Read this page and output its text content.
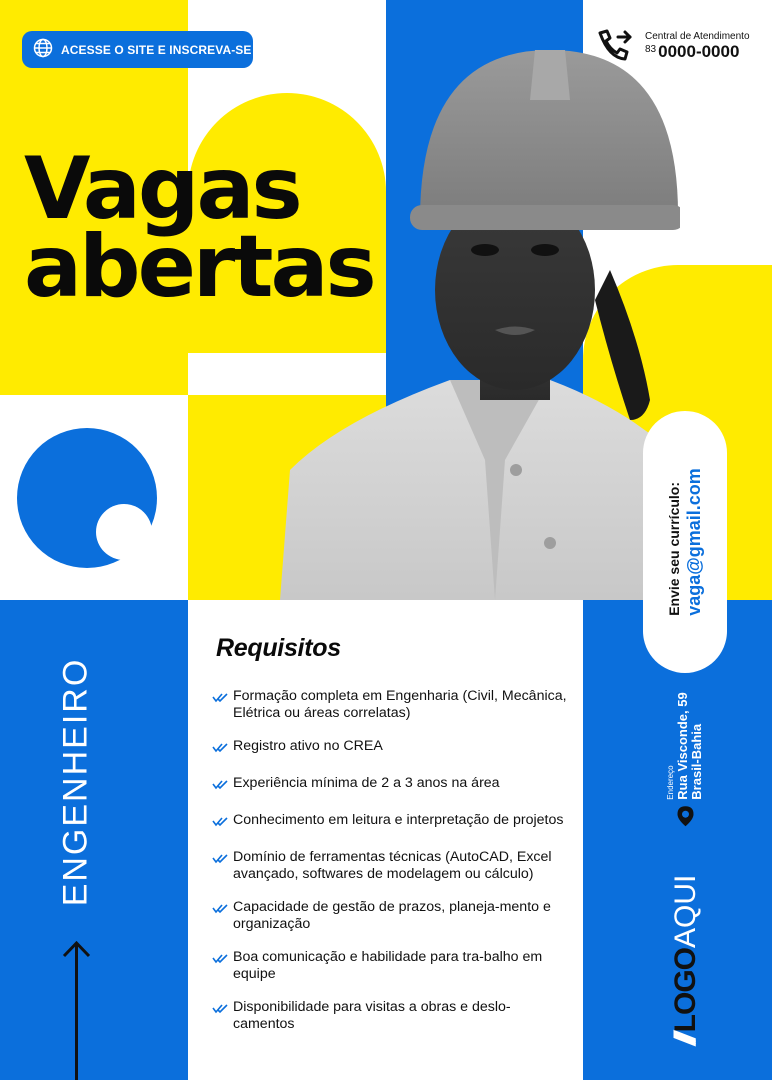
ACESSE O SITE E INSCREVA-SE
Central de Atendimento
83 0000-0000
Vagas
abertas
Envie seu currículo: vaga@gmail.com
ENGENHEIRO
Requisitos
Formação completa em Engenharia (Civil, Mecânica, Elétrica ou áreas correlatas)
Registro ativo no CREA
Experiência mínima de 2 a 3 anos na área
Conhecimento em leitura e interpretação de projetos
Domínio de ferramentas técnicas (AutoCAD, Excel avançado, softwares de modelagem ou cálculo)
Capacidade de gestão de prazos, planeja-mento e organização
Boa comunicação e habilidade para tra-balho em equipe
Disponibilidade para visitas a obras e deslo-camentos
Endereço Rua Visconde, 59 Brasil-Bahia
///
LOGO
AQUI
